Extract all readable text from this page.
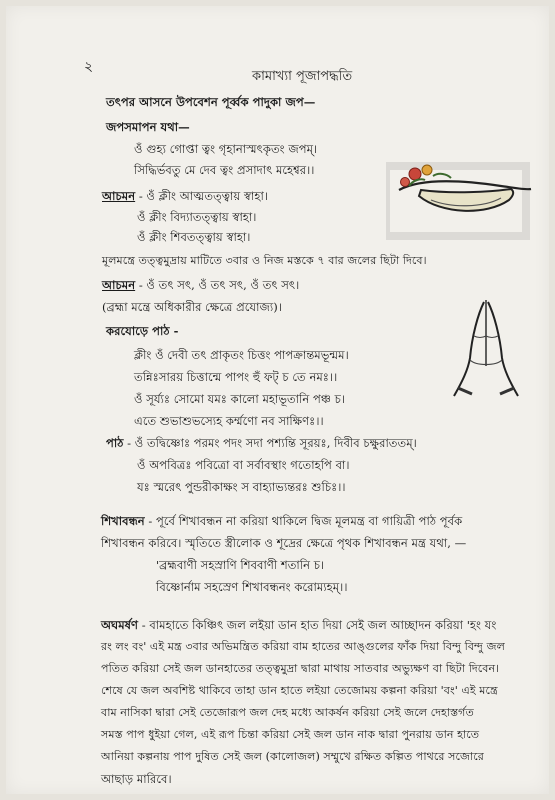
২
কামাখ্যা পূজাপদ্ধতি
তৎপর আসনে উপবেশন পূর্ব্বক পাদুকা জপ—
জপসমাপন যথা—
ওঁ গুহ্য গোপ্তা ত্বং গৃহানাস্মৎকৃতং জপম্।
সিদ্ধির্ভবতু মে দেব ত্বং প্রসাদাৎ মহেশ্বর।।
আচমন - ওঁ ক্লীং আত্মতত্ত্বায় স্বাহা।
ওঁ ক্লীং বিদ্যাতত্ত্বায় স্বাহা।
ওঁ ক্লীং শিবতত্ত্বায় স্বাহা।
মূলমন্ত্রে তত্ত্বমুদ্রায় মাটিতে ৩বার ও নিজ মস্তকে ৭ বার জলের ছিটা দিবে।
আচমন - ওঁ তৎ সৎ, ওঁ তৎ সৎ, ওঁ তৎ সৎ।
(ব্রহ্মা মন্ত্রে অধিকারীর ক্ষেত্রে প্রযোজ্য)।
করযোড়ে পাঠ -
ক্লীং ওঁ দেবী তৎ প্রাকৃতং চিত্তং পাপক্রান্তমভূন্মম।
তন্নিঃসারয় চিত্তান্মে পাপং হুঁ ফট্‌ চ তে নমঃ।।
ওঁ সূর্য্যঃ সোমো যমঃ কালো মহাভূতানি পঞ্চ চ।
এতে শুভাশুভস্যেহ কর্ম্মণো নব সাক্ষিণঃ।।
পাঠ - ওঁ তদ্বিষ্ণোঃ পরমং পদং সদা পশ্যন্তি সূরয়ঃ, দিবীব চক্ষুরাততম্।
ওঁ অপবিত্রঃ পবিত্রো বা সর্বাবস্থাং গতোহপি বা।
যঃ স্মরেৎ পুন্ডরীকাক্ষং স বাহ্যাভ্যন্তরঃ শুচিঃ।।
শিখাবন্ধন - পূর্বে শিখাবন্ধন না করিয়া থাকিলে দ্বিজ মূলমন্ত্র বা গায়িত্রী পাঠ পূর্বক
শিখাবন্ধন করিবে। স্মৃতিতে স্ত্রীলোক ও শূদ্রের ক্ষেত্রে পৃথক শিখাবন্ধন মন্ত্র যথা, —
'ব্রহ্মবাণী সহস্রাণি শিববাণী শতানি চ।
বিষ্ণোর্নাম সহস্রেণ শিখাবন্ধনং করোম্যহম্।।
অঘমর্ষণ - বামহাতে কিঞ্চিৎ জল লইয়া ডান হাত দিয়া সেই জল আচ্ছাদন করিয়া 'হং যং
রং লং বং' এই মন্ত্র ৩বার অভিমন্ত্রিত করিয়া বাম হাতের আঙ্গুলের ফাঁক দিয়া বিন্দু বিন্দু জল
পতিত করিয়া সেই জল ডানহাতের তত্ত্বমুদ্রা দ্বারা মাথায় সাতবার অভ্যুক্ষণ বা ছিটা দিবেন।
শেষে যে জল অবশিষ্ট থাকিবে তাহা ডান হাতে লইয়া তেজোময় কল্পনা করিয়া 'বং' এই মন্ত্রে
বাম নাসিকা দ্বারা সেই তেজোরূপ জল দেহ মধ্যে আকর্ষন করিয়া সেই জলে দেহাস্তর্গত
সমস্ত পাপ ধুইয়া গেল, এই রূপ চিন্তা করিয়া সেই জল ডান নাক দ্বারা পুনরায় ডান হাতে
আনিয়া কল্পনায় পাপ দুষিত সেই জল (কালোজল) সম্মুখে রক্ষিত কল্পিত পাথরে সজোরে
আছাড় মারিবে।
